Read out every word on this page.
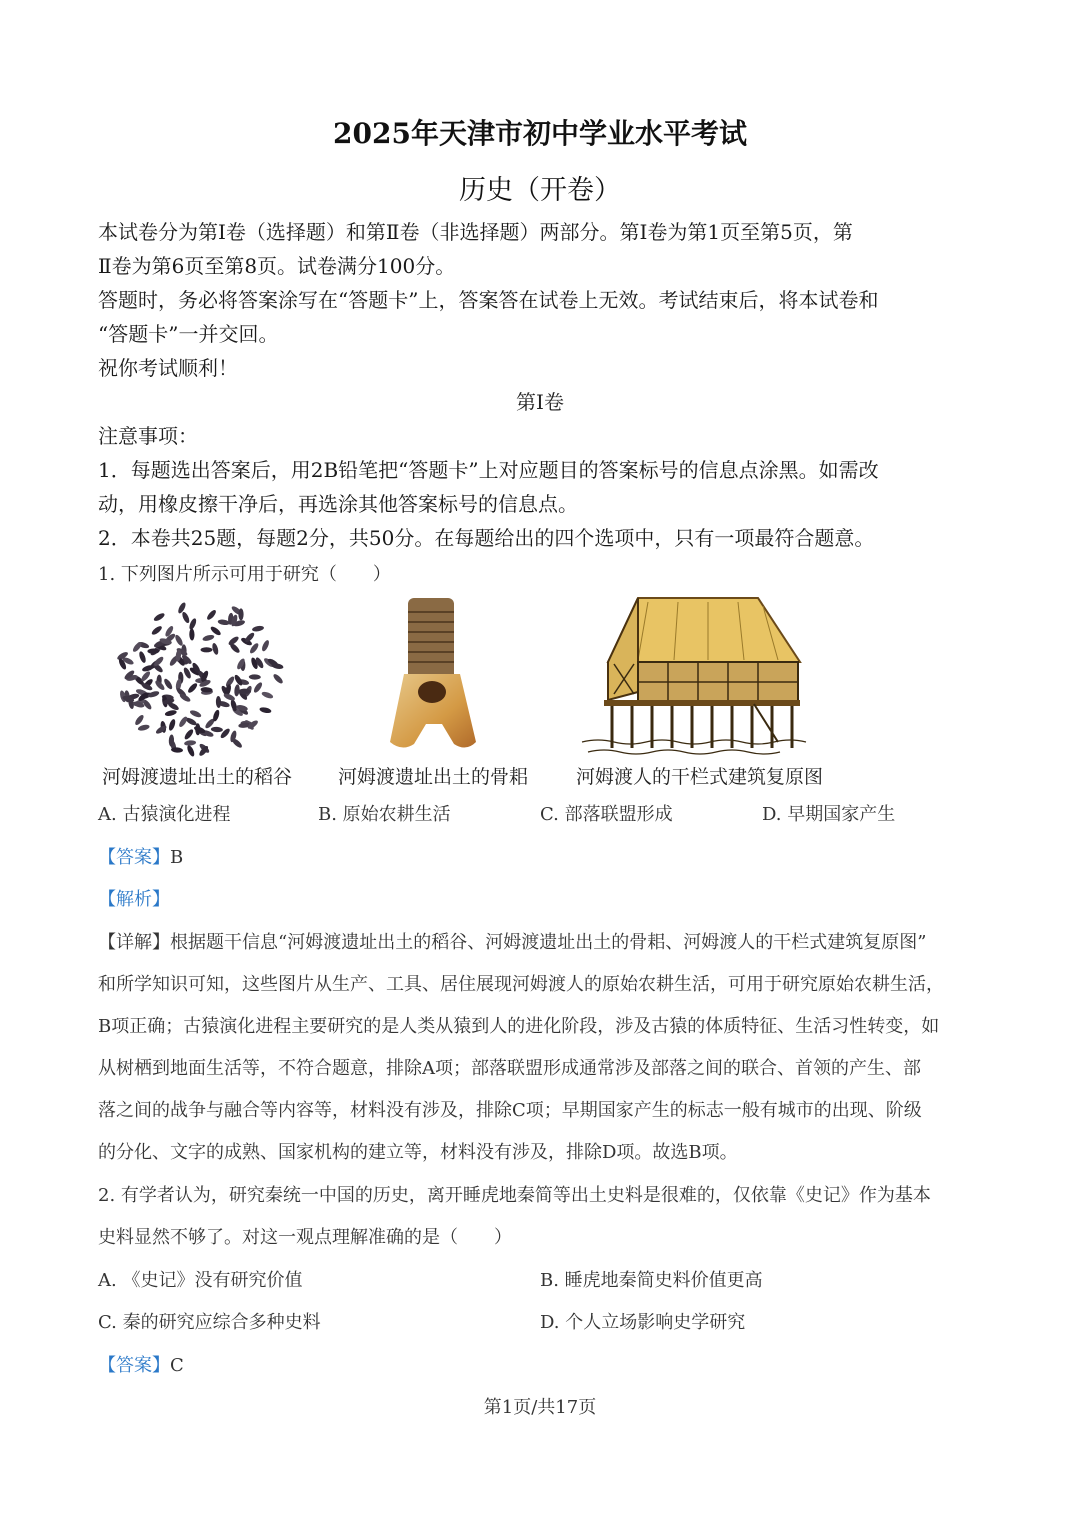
2025年天津市初中学业水平考试
历史（开卷）
本试卷分为第Ⅰ卷（选择题）和第Ⅱ卷（非选择题）两部分。第Ⅰ卷为第1页至第5页，第
Ⅱ卷为第6页至第8页。试卷满分100分。
答题时，务必将答案涂写在“答题卡”上，答案答在试卷上无效。考试结束后，将本试卷和
“答题卡”一并交回。
祝你考试顺利！
第Ⅰ卷
注意事项：
1．每题选出答案后，用2B铅笔把“答题卡”上对应题目的答案标号的信息点涂黑。如需改
动，用橡皮擦干净后，再选涂其他答案标号的信息点。
2．本卷共25题，每题2分，共50分。在每题给出的四个选项中，只有一项最符合题意。
1. 下列图片所示可用于研究（　　）
河姆渡遗址出土的稻谷 河姆渡遗址出土的骨耜	河姆渡人的干栏式建筑复原图
A. 古猿演化进程	B. 原始农耕生活	C. 部落联盟形成	D. 早期国家产生
【答案】B
【解析】
【详解】根据题干信息“河姆渡遗址出土的稻谷、河姆渡遗址出土的骨耜、河姆渡人的干栏式建筑复原图”
和所学知识可知，这些图片从生产、工具、居住展现河姆渡人的原始农耕生活，可用于研究原始农耕生活，
B项正确；古猿演化进程主要研究的是人类从猿到人的进化阶段，涉及古猿的体质特征、生活习性转变，如
从树栖到地面生活等，不符合题意，排除A项；部落联盟形成通常涉及部落之间的联合、首领的产生、部
落之间的战争与融合等内容等，材料没有涉及，排除C项；早期国家产生的标志一般有城市的出现、阶级
的分化、文字的成熟、国家机构的建立等，材料没有涉及，排除D项。故选B项。
2. 有学者认为，研究秦统一中国的历史，离开睡虎地秦简等出土史料是很难的，仅依靠《史记》作为基本
史料显然不够了。对这一观点理解准确的是（　　）
A. 《史记》没有研究价值	B. 睡虎地秦简史料价值更高
C. 秦的研究应综合多种史料	D. 个人立场影响史学研究
【答案】C
第1页/共17页
